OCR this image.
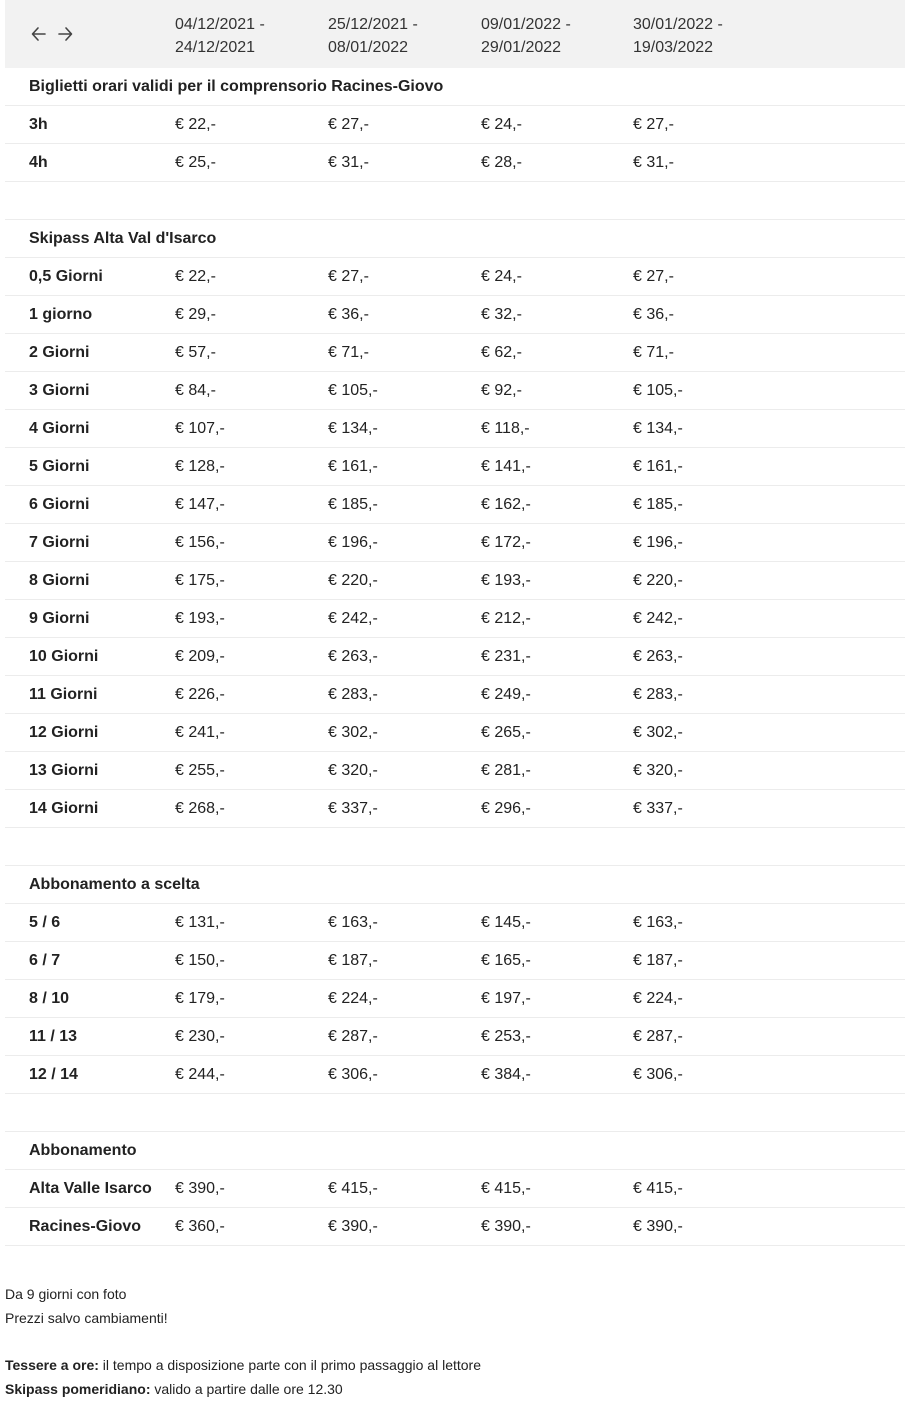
04/12/2021 -
24/12/2021
25/12/2021 -
08/01/2022
09/01/2022 -
29/01/2022
30/01/2022 -
19/03/2022
Biglietti orari validi per il comprensorio Racines-Giovo
3h	€ 22,-	€ 27,-	€ 24,-	€ 27,-
4h	€ 25,-	€ 31,-	€ 28,-	€ 31,-
Skipass Alta Val d'Isarco
0,5 Giorni	€ 22,-	€ 27,-	€ 24,-	€ 27,-
1 giorno	€ 29,-	€ 36,-	€ 32,-	€ 36,-
2 Giorni	€ 57,-	€ 71,-	€ 62,-	€ 71,-
3 Giorni	€ 84,-	€ 105,-	€ 92,-	€ 105,-
4 Giorni	€ 107,-	€ 134,-	€ 118,-	€ 134,-
5 Giorni	€ 128,-	€ 161,-	€ 141,-	€ 161,-
6 Giorni	€ 147,-	€ 185,-	€ 162,-	€ 185,-
7 Giorni	€ 156,-	€ 196,-	€ 172,-	€ 196,-
8 Giorni	€ 175,-	€ 220,-	€ 193,-	€ 220,-
9 Giorni	€ 193,-	€ 242,-	€ 212,-	€ 242,-
10 Giorni	€ 209,-	€ 263,-	€ 231,-	€ 263,-
11 Giorni	€ 226,-	€ 283,-	€ 249,-	€ 283,-
12 Giorni	€ 241,-	€ 302,-	€ 265,-	€ 302,-
13 Giorni	€ 255,-	€ 320,-	€ 281,-	€ 320,-
14 Giorni	€ 268,-	€ 337,-	€ 296,-	€ 337,-
Abbonamento a scelta
5 / 6	€ 131,-	€ 163,-	€ 145,-	€ 163,-
6 / 7	€ 150,-	€ 187,-	€ 165,-	€ 187,-
8 / 10	€ 179,-	€ 224,-	€ 197,-	€ 224,-
11 / 13	€ 230,-	€ 287,-	€ 253,-	€ 287,-
12 / 14	€ 244,-	€ 306,-	€ 384,-	€ 306,-
Abbonamento
Alta Valle Isarco € 390,-	€ 415,-	€ 415,-	€ 415,-
Racines-Giovo € 360,-	€ 390,-	€ 390,-	€ 390,-
Da 9 giorni con foto
Prezzi salvo cambiamenti!
Tessere a ore: il tempo a disposizione parte con il primo passaggio al lettore
Skipass pomeridiano: valido a partire dalle ore 12.30
